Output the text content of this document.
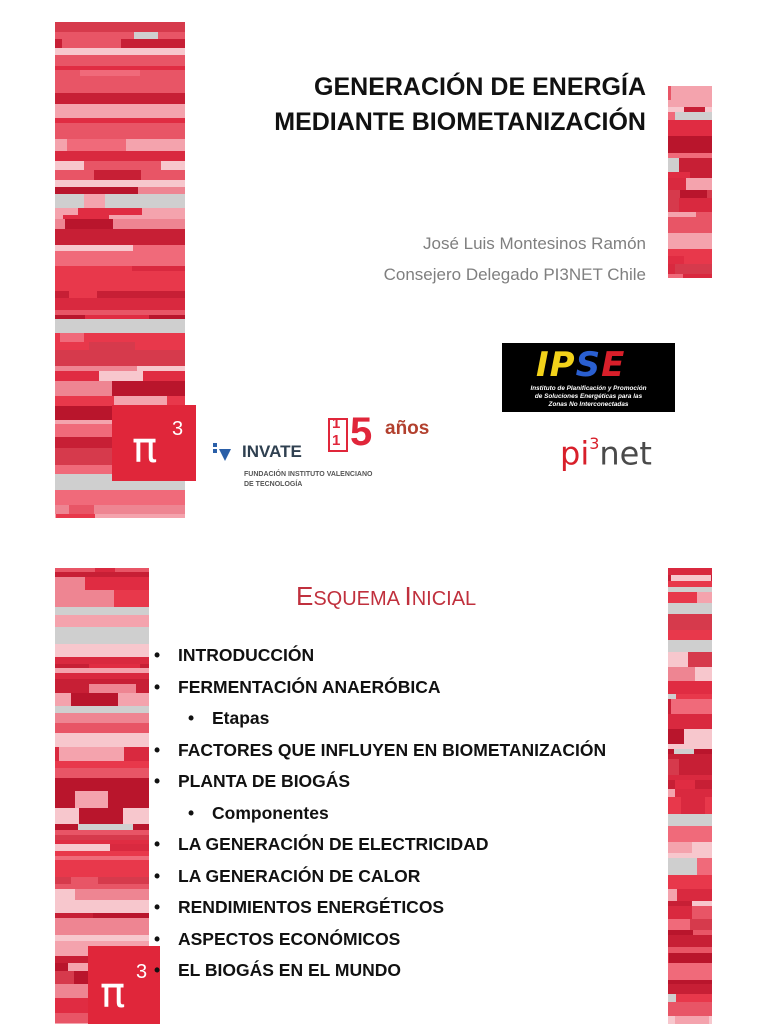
π 3
GENERACIÓN DE ENERGÍA
MEDIANTE BIOMETANIZACIÓN
José Luis Montesinos Ramón
Consejero Delegado PI3NET Chile
IPSE
Instituto de Planificación y Promoción
de Soluciones Energéticas para las
Zonas No Interconectadas
INVATE
FUNDACIÓN INSTITUTO VALENCIANO
DE TECNOLOGÍA
1
1 5 años
$pi^3net$
π 3
ESQUEMA INICIAL
• INTRODUCCIÓN
• FERMENTACIÓN ANAERÓBICA
• Etapas
• FACTORES QUE INFLUYEN EN BIOMETANIZACIÓN
• PLANTA DE BIOGÁS
• Componentes
• LA GENERACIÓN DE ELECTRICIDAD
• LA GENERACIÓN DE CALOR
• RENDIMIENTOS ENERGÉTICOS
• ASPECTOS ECONÓMICOS
• EL BIOGÁS EN EL MUNDO
